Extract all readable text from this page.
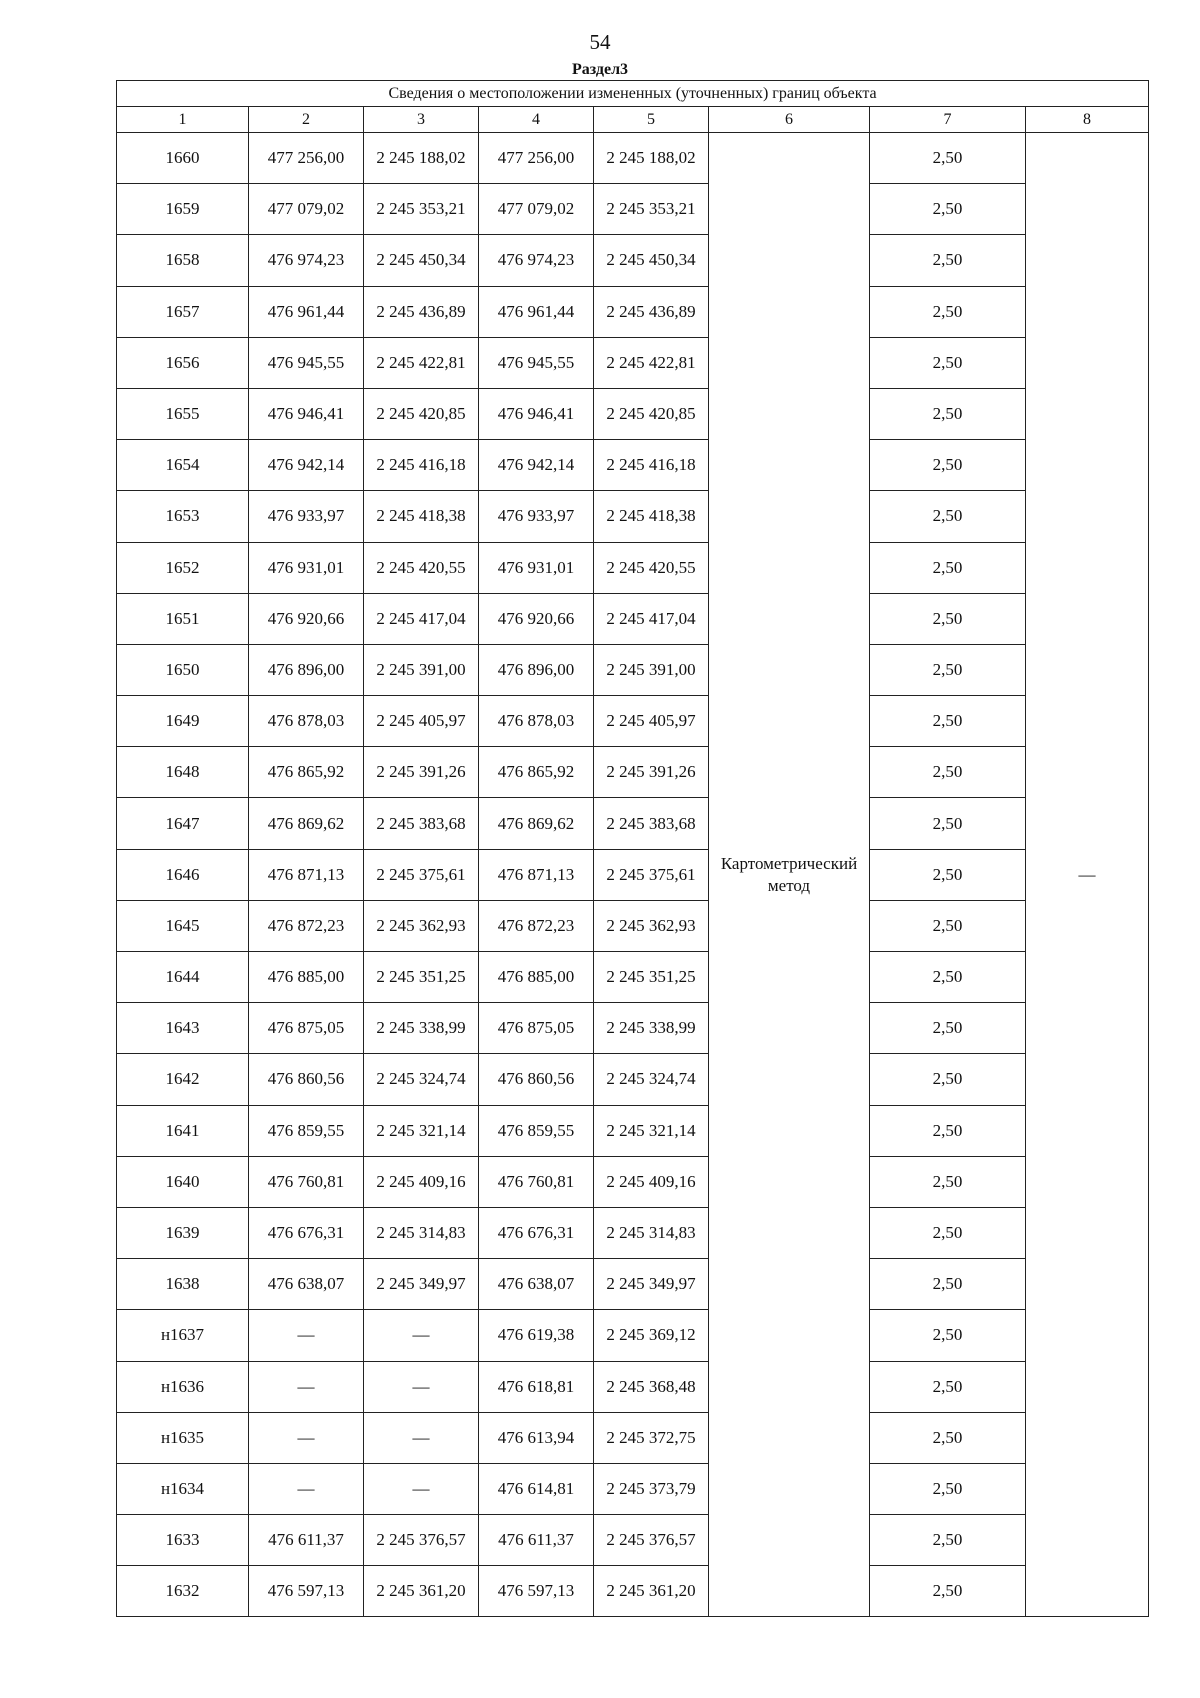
54
Раздел3
Сведения о местоположении измененных (уточненных) границ объекта							
1	2	3	4	5	6	7	8
1660	477 256,00	2 245 188,02	477 256,00	2 245 188,02	Картометрический метод	2,50	—
1659	477 079,02	2 245 353,21	477 079,02	2 245 353,21		2,50	
1658	476 974,23	2 245 450,34	476 974,23	2 245 450,34		2,50	
1657	476 961,44	2 245 436,89	476 961,44	2 245 436,89		2,50	
1656	476 945,55	2 245 422,81	476 945,55	2 245 422,81		2,50	
1655	476 946,41	2 245 420,85	476 946,41	2 245 420,85		2,50	
1654	476 942,14	2 245 416,18	476 942,14	2 245 416,18		2,50	
1653	476 933,97	2 245 418,38	476 933,97	2 245 418,38		2,50	
1652	476 931,01	2 245 420,55	476 931,01	2 245 420,55		2,50	
1651	476 920,66	2 245 417,04	476 920,66	2 245 417,04		2,50	
1650	476 896,00	2 245 391,00	476 896,00	2 245 391,00		2,50	
1649	476 878,03	2 245 405,97	476 878,03	2 245 405,97		2,50	
1648	476 865,92	2 245 391,26	476 865,92	2 245 391,26		2,50	
1647	476 869,62	2 245 383,68	476 869,62	2 245 383,68		2,50	
1646	476 871,13	2 245 375,61	476 871,13	2 245 375,61		2,50	
1645	476 872,23	2 245 362,93	476 872,23	2 245 362,93		2,50	
1644	476 885,00	2 245 351,25	476 885,00	2 245 351,25		2,50	
1643	476 875,05	2 245 338,99	476 875,05	2 245 338,99		2,50	
1642	476 860,56	2 245 324,74	476 860,56	2 245 324,74		2,50	
1641	476 859,55	2 245 321,14	476 859,55	2 245 321,14		2,50	
1640	476 760,81	2 245 409,16	476 760,81	2 245 409,16		2,50	
1639	476 676,31	2 245 314,83	476 676,31	2 245 314,83		2,50	
1638	476 638,07	2 245 349,97	476 638,07	2 245 349,97		2,50	
н1637	—	—	476 619,38	2 245 369,12		2,50	
н1636	—	—	476 618,81	2 245 368,48		2,50	
н1635	—	—	476 613,94	2 245 372,75		2,50	
н1634	—	—	476 614,81	2 245 373,79		2,50	
1633	476 611,37	2 245 376,57	476 611,37	2 245 376,57		2,50	
1632	476 597,13	2 245 361,20	476 597,13	2 245 361,20		2,50	
